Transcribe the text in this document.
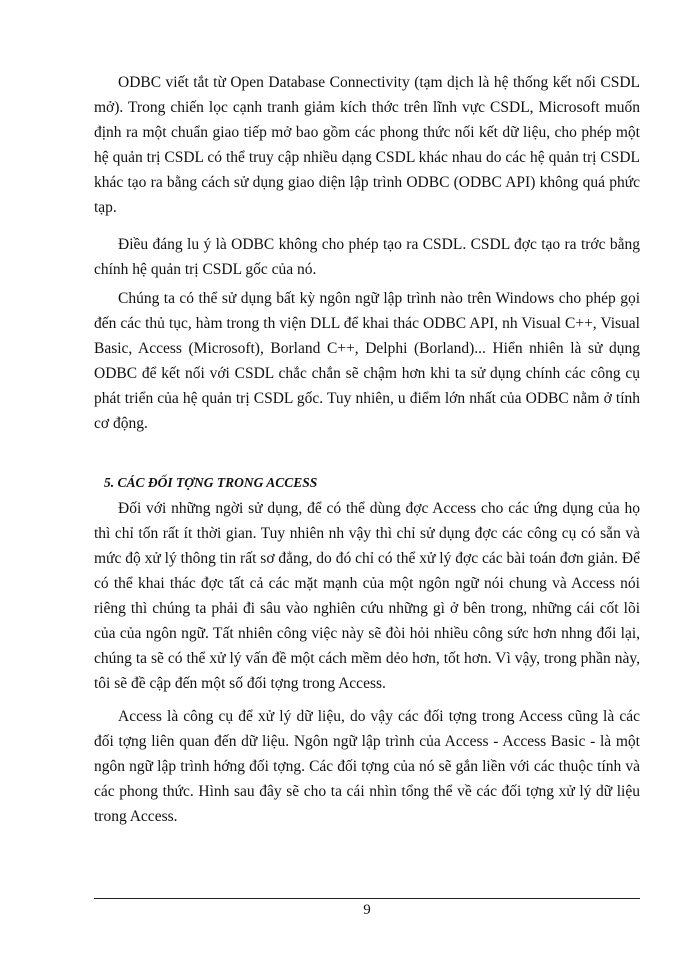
ODBC viết tắt từ Open Database Connectivity (tạm dịch là hệ thống kết nối CSDL mở). Trong chiến lọc cạnh tranh giảm kích thớc trên lĩnh vực CSDL, Microsoft muốn định ra một chuẩn giao tiếp mở bao gồm các phong thức nối kết dữ liệu, cho phép một hệ quản trị CSDL có thể truy cập nhiều dạng CSDL khác nhau do các hệ quản trị CSDL khác tạo ra bằng cách sử dụng giao diện lập trình ODBC (ODBC API) không quá phức tạp.

Điều đáng lu ý là ODBC không cho phép tạo ra CSDL. CSDL đợc tạo ra trớc bằng chính hệ quản trị CSDL gốc của nó.

Chúng ta có thể sử dụng bất kỳ ngôn ngữ lập trình nào trên Windows cho phép gọi đến các thủ tục, hàm trong th viện DLL để khai thác ODBC API, nh Visual C++, Visual Basic, Access (Microsoft), Borland C++, Delphi (Borland)... Hiển nhiên là sử dụng ODBC để kết nối với CSDL chắc chắn sẽ chậm hơn khi ta sử dụng chính các công cụ phát triển của hệ quản trị CSDL gốc. Tuy nhiên, u điểm lớn nhất của ODBC nằm ở tính cơ động.

5. CÁC ĐỐI TỢNG TRONG ACCESS

Đối với những ngời sử dụng, để có thể dùng đợc Access cho các ứng dụng của họ thì chỉ tốn rất ít thời gian. Tuy nhiên nh vậy thì chỉ sử dụng đợc các công cụ có sẵn và mức độ xử lý thông tin rất sơ đẳng, do đó chỉ có thể xử lý đợc các bài toán đơn giản. Để có thể khai thác đợc tất cả các mặt mạnh của một ngôn ngữ nói chung và Access nói riêng thì chúng ta phải đi sâu vào nghiên cứu những gì ở bên trong, những cái cốt lõi của của ngôn ngữ. Tất nhiên công việc này sẽ đòi hỏi nhiều công sức hơn nhng đổi lại, chúng ta sẽ có thể xử lý vấn đề một cách mềm dẻo hơn, tốt hơn. Vì vậy, trong phần này, tôi sẽ đề cập đến một số đối tợng trong Access.

Access là công cụ để xử lý dữ liệu, do vậy các đối tợng trong Access cũng là các đối tợng liên quan đến dữ liệu. Ngôn ngữ lập trình của Access - Access Basic - là một ngôn ngữ lập trình hớng đối tợng. Các đối tợng của nó sẽ gắn liền với các thuộc tính và các phong thức. Hình sau đây sẽ cho ta cái nhìn tổng thể về các đối tợng xử lý dữ liệu trong Access.

9
